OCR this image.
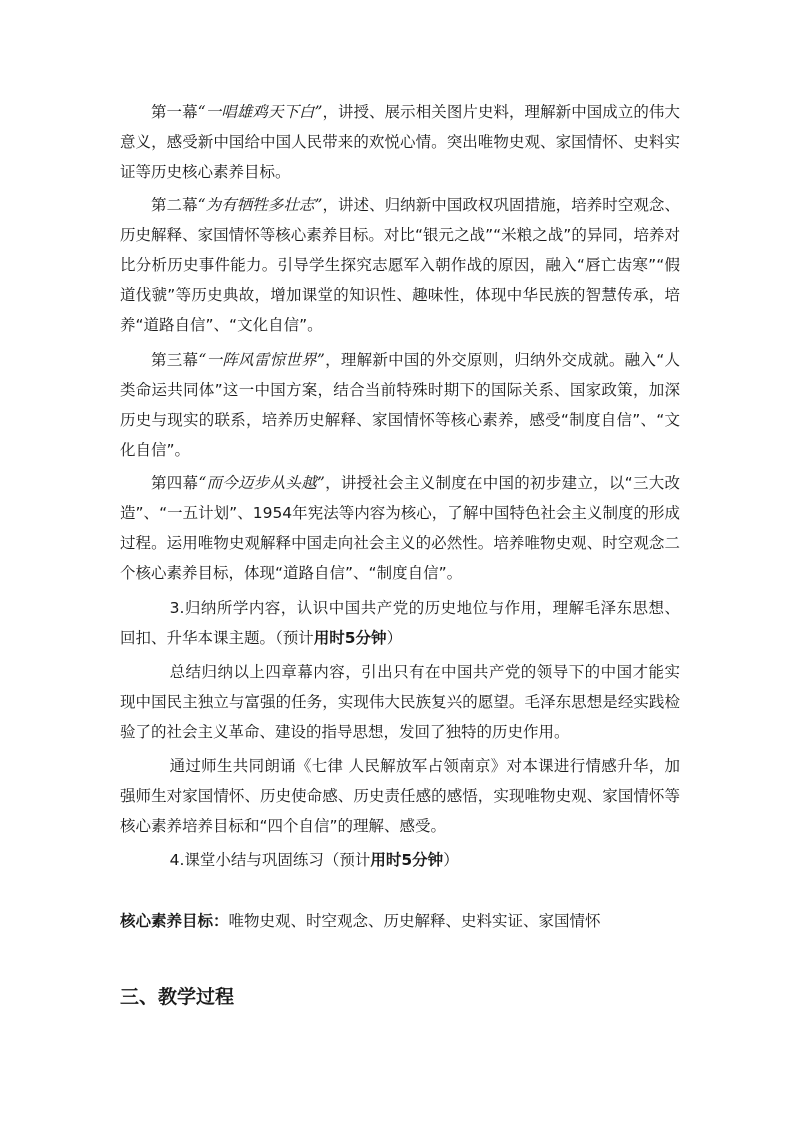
第一幕“一唱雄鸡天下白”，讲授、展示相关图片史料，理解新中国成立的伟大意义，感受新中国给中国人民带来的欢悦心情。突出唯物史观、家国情怀、史料实证等历史核心素养目标。

第二幕“为有牺牲多壮志”，讲述、归纳新中国政权巩固措施，培养时空观念、历史解释、家国情怀等核心素养目标。对比“银元之战”“米粮之战”的异同，培养对比分析历史事件能力。引导学生探究志愿军入朝作战的原因，融入“唇亡齿寒”“假道伐虢”等历史典故，增加课堂的知识性、趣味性，体现中华民族的智慧传承，培养“道路自信”、“文化自信”。

第三幕“一阵风雷惊世界”，理解新中国的外交原则，归纳外交成就。融入“人类命运共同体”这一中国方案，结合当前特殊时期下的国际关系、国家政策，加深历史与现实的联系，培养历史解释、家国情怀等核心素养，感受“制度自信”、“文化自信”。

第四幕“而今迈步从头越”，讲授社会主义制度在中国的初步建立，以“三大改造”、“一五计划”、1954年宪法等内容为核心，了解中国特色社会主义制度的形成过程。运用唯物史观解释中国走向社会主义的必然性。培养唯物史观、时空观念二个核心素养目标，体现“道路自信”、“制度自信”。

3.归纳所学内容，认识中国共产党的历史地位与作用，理解毛泽东思想、回扣、升华本课主题。（预计用时5分钟）

总结归纳以上四章幕内容，引出只有在中国共产党的领导下的中国才能实现中国民主独立与富强的任务，实现伟大民族复兴的愿望。毛泽东思想是经实践检验了的社会主义革命、建设的指导思想，发回了独特的历史作用。

通过师生共同朗诵《七律 人民解放军占领南京》对本课进行情感升华，加强师生对家国情怀、历史使命感、历史责任感的感悟，实现唯物史观、家国情怀等核心素养培养目标和“四个自信”的理解、感受。

4.课堂小结与巩固练习（预计用时5分钟）

核心素养目标：唯物史观、时空观念、历史解释、史料实证、家国情怀

三、教学过程
